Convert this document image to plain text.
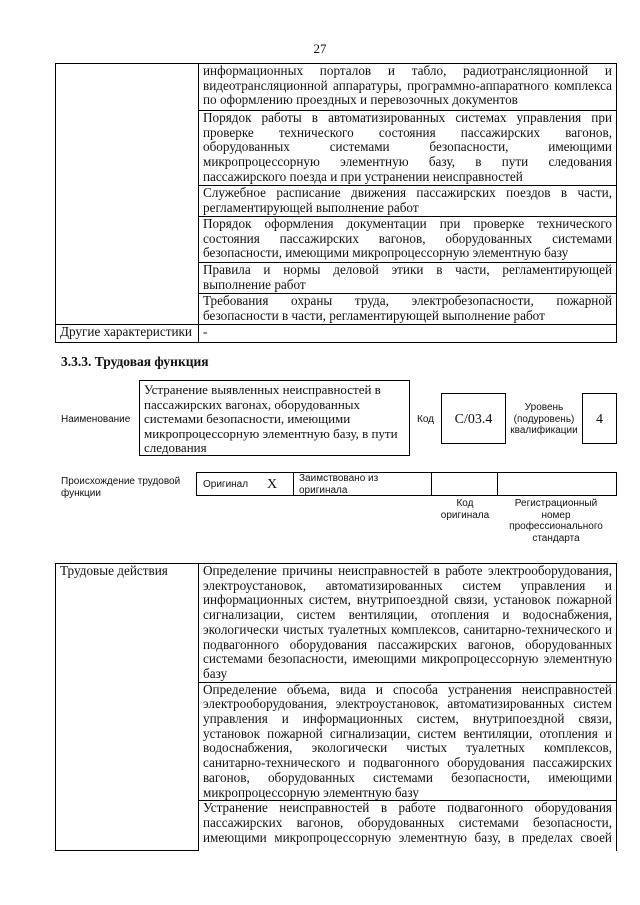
27
	информационных порталов и табло, радиотрансляционной и видеотрансляционной аппаратуры, программно-аппаратного комплекса по оформлению проездных и перевозочных документов
	Порядок работы в автоматизированных системах управления при проверке технического состояния пассажирских вагонов, оборудованных системами безопасности, имеющими микропроцессорную элементную базу, в пути следования пассажирского поезда и при устранении неисправностей
	Служебное расписание движения пассажирских поездов в части, регламентирующей выполнение работ
	Порядок оформления документации при проверке технического состояния пассажирских вагонов, оборудованных системами безопасности, имеющими микропроцессорную элементную базу
	Правила и нормы деловой этики в части, регламентирующей выполнение работ
	Требования охраны труда, электробезопасности, пожарной безопасности в части, регламентирующей выполнение работ
Другие характеристики	-
3.3.3. Трудовая функция
Наименование
Устранение выявленных неисправностей в пассажирских вагонах, оборудованных системами безопасности, имеющими микропроцессорную элементную базу, в пути следования
Код	С/03.4
Уровень (подуровень) квалификации
4
Происхождение трудовой функции
Оригинал X Заимствовано из оригинала
Код оригинала
Регистрационный номер профессионального стандарта
Трудовые действия	Определение причины неисправностей в работе электрооборудования, электроустановок, автоматизированных систем управления и информационных систем, внутрипоездной связи, установок пожарной сигнализации, систем вентиляции, отопления и водоснабжения, экологически чистых туалетных комплексов, санитарно-технического и подвагонного оборудования пассажирских вагонов, оборудованных системами безопасности, имеющими микропроцессорную элементную базу
Определение объема, вида и способа устранения неисправностей электрооборудования, электроустановок, автоматизированных систем управления и информационных систем, внутрипоездной связи, установок пожарной сигнализации, систем вентиляции, отопления и водоснабжения, экологически чистых туалетных комплексов, санитарно-технического и подвагонного оборудования пассажирских вагонов, оборудованных системами безопасности, имеющими микропроцессорную элементную базу
Устранение неисправностей в работе подвагонного оборудования пассажирских вагонов, оборудованных системами безопасности, имеющими микропроцессорную элементную базу, в пределах своей
